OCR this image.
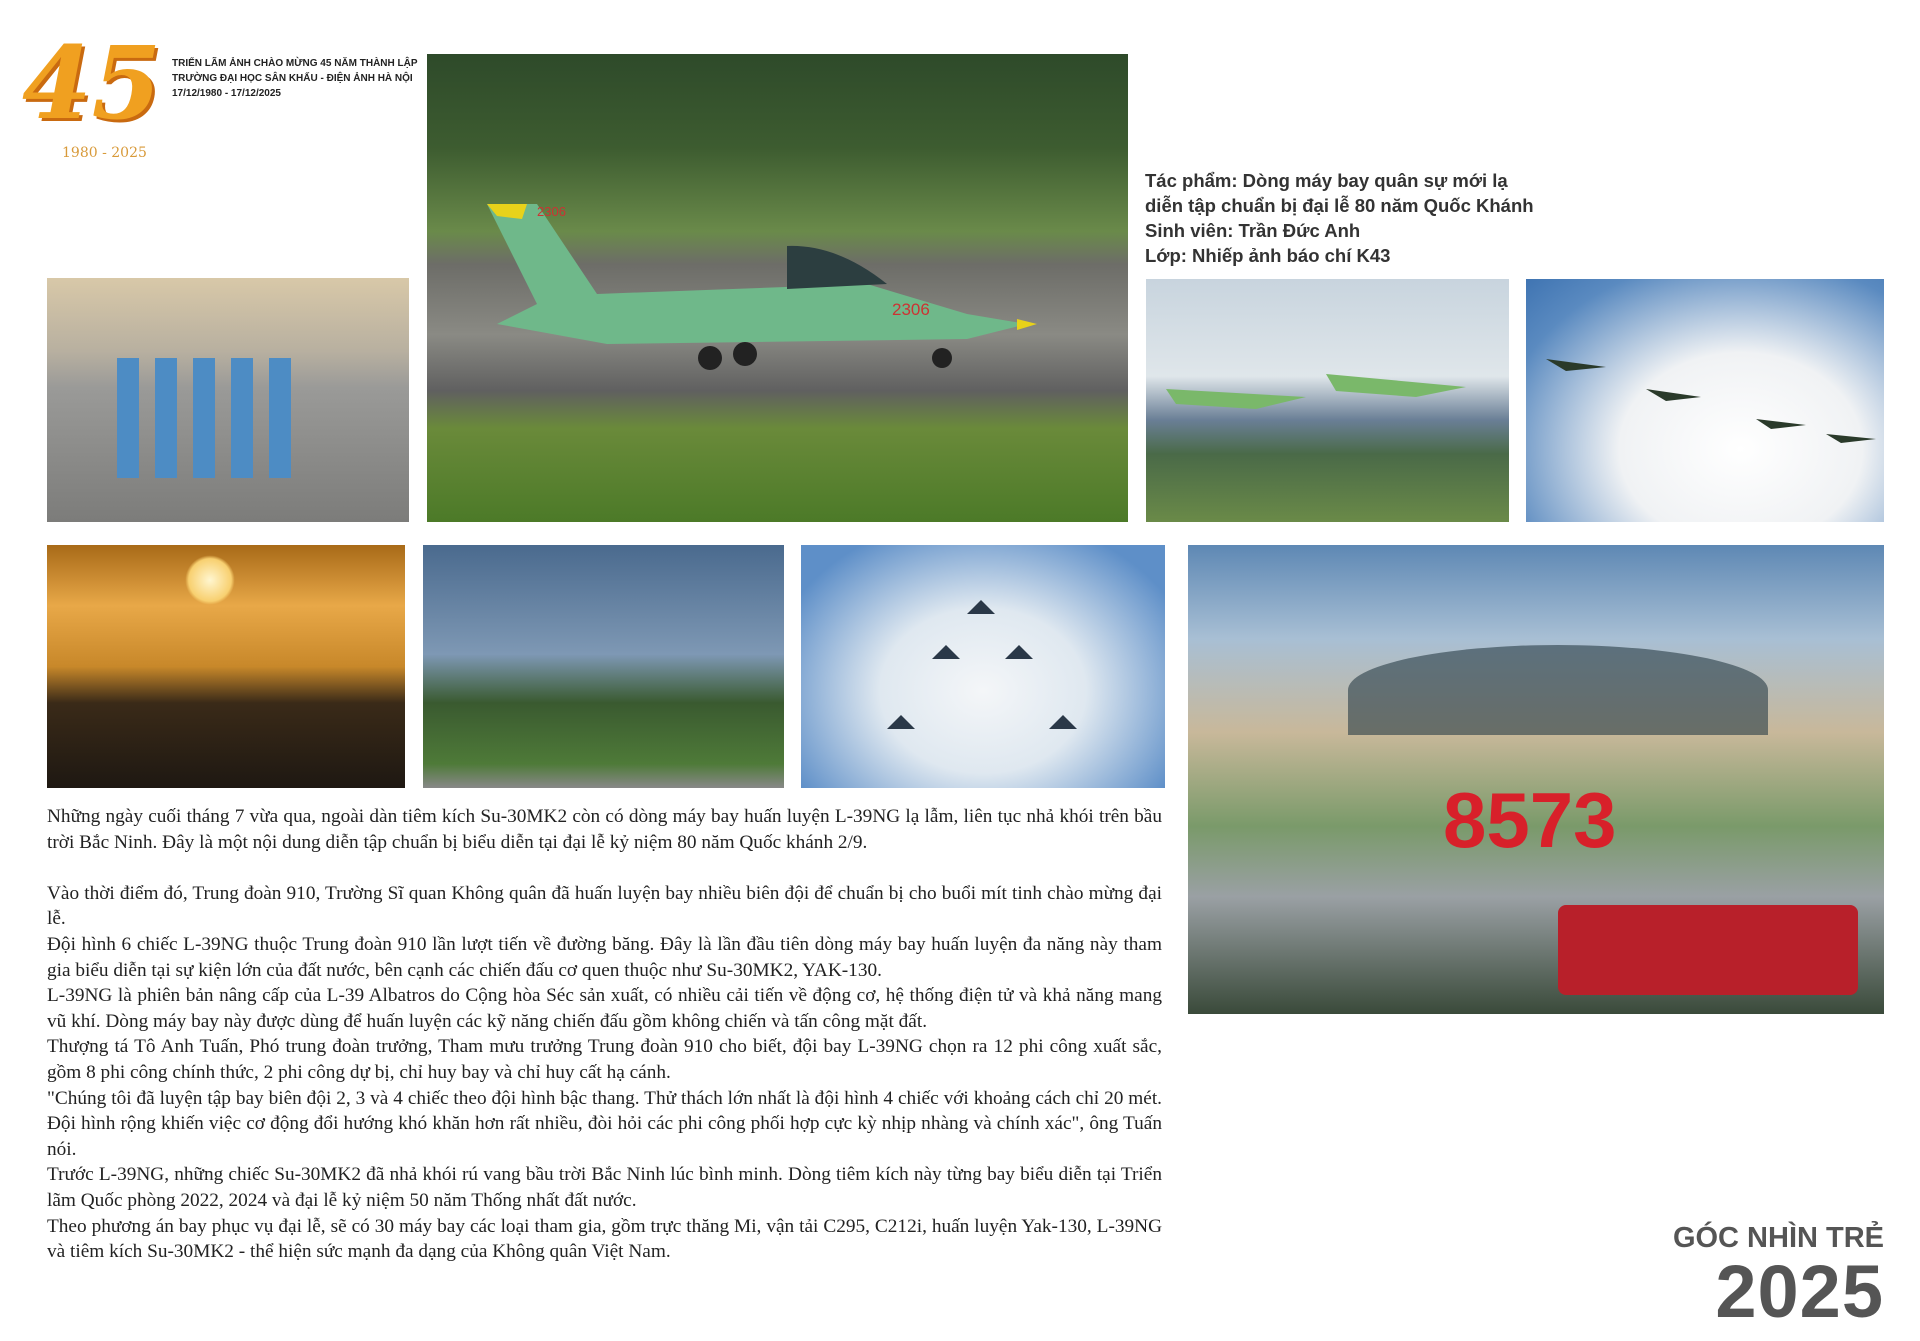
45
1980 - 2025
TRIỂN LÃM ẢNH CHÀO MỪNG 45 NĂM THÀNH LẬP
TRƯỜNG ĐẠI HỌC SÂN KHẤU - ĐIỆN ẢNH HÀ NỘI
17/12/1980 - 17/12/2025
2306
2306
Tác phẩm: Dòng máy bay quân sự mới lạ
diễn tập chuẩn bị đại lễ 80 năm Quốc Khánh
Sinh viên: Trần Đức Anh
Lớp: Nhiếp ảnh báo chí K43
8573

Những ngày cuối tháng 7 vừa qua, ngoài dàn tiêm kích Su-30MK2 còn có dòng máy bay huấn luyện L-39NG lạ lẫm, liên tục nhả khói trên bầu trời Bắc Ninh. Đây là một nội dung diễn tập chuẩn bị biểu diễn tại đại lễ kỷ niệm 80 năm Quốc khánh 2/9.

Vào thời điểm đó, Trung đoàn 910, Trường Sĩ quan Không quân đã huấn luyện bay nhiều biên đội để chuẩn bị cho buổi mít tinh chào mừng đại lễ.

Đội hình 6 chiếc L-39NG thuộc Trung đoàn 910 lần lượt tiến về đường băng. Đây là lần đầu tiên dòng máy bay huấn luyện đa năng này tham gia biểu diễn tại sự kiện lớn của đất nước, bên cạnh các chiến đấu cơ quen thuộc như Su-30MK2, YAK-130.

L-39NG là phiên bản nâng cấp của L-39 Albatros do Cộng hòa Séc sản xuất, có nhiều cải tiến về động cơ, hệ thống điện tử và khả năng mang vũ khí. Dòng máy bay này được dùng để huấn luyện các kỹ năng chiến đấu gồm không chiến và tấn công mặt đất.

Thượng tá Tô Anh Tuấn, Phó trung đoàn trưởng, Tham mưu trưởng Trung đoàn 910 cho biết, đội bay L-39NG chọn ra 12 phi công xuất sắc, gồm 8 phi công chính thức, 2 phi công dự bị, chỉ huy bay và chỉ huy cất hạ cánh.

"Chúng tôi đã luyện tập bay biên đội 2, 3 và 4 chiếc theo đội hình bậc thang. Thử thách lớn nhất là đội hình 4 chiếc với khoảng cách chỉ 20 mét. Đội hình rộng khiến việc cơ động đổi hướng khó khăn hơn rất nhiều, đòi hỏi các phi công phối hợp cực kỳ nhịp nhàng và chính xác", ông Tuấn nói.

Trước L-39NG, những chiếc Su-30MK2 đã nhả khói rú vang bầu trời Bắc Ninh lúc bình minh. Dòng tiêm kích này từng bay biểu diễn tại Triển lãm Quốc phòng 2022, 2024 và đại lễ kỷ niệm 50 năm Thống nhất đất nước.

Theo phương án bay phục vụ đại lễ, sẽ có 30 máy bay các loại tham gia, gồm trực thăng Mi, vận tải C295, C212i, huấn luyện Yak-130, L-39NG và tiêm kích Su-30MK2 - thể hiện sức mạnh đa dạng của Không quân Việt Nam.	GÓC NHÌN TRẺ
2025
